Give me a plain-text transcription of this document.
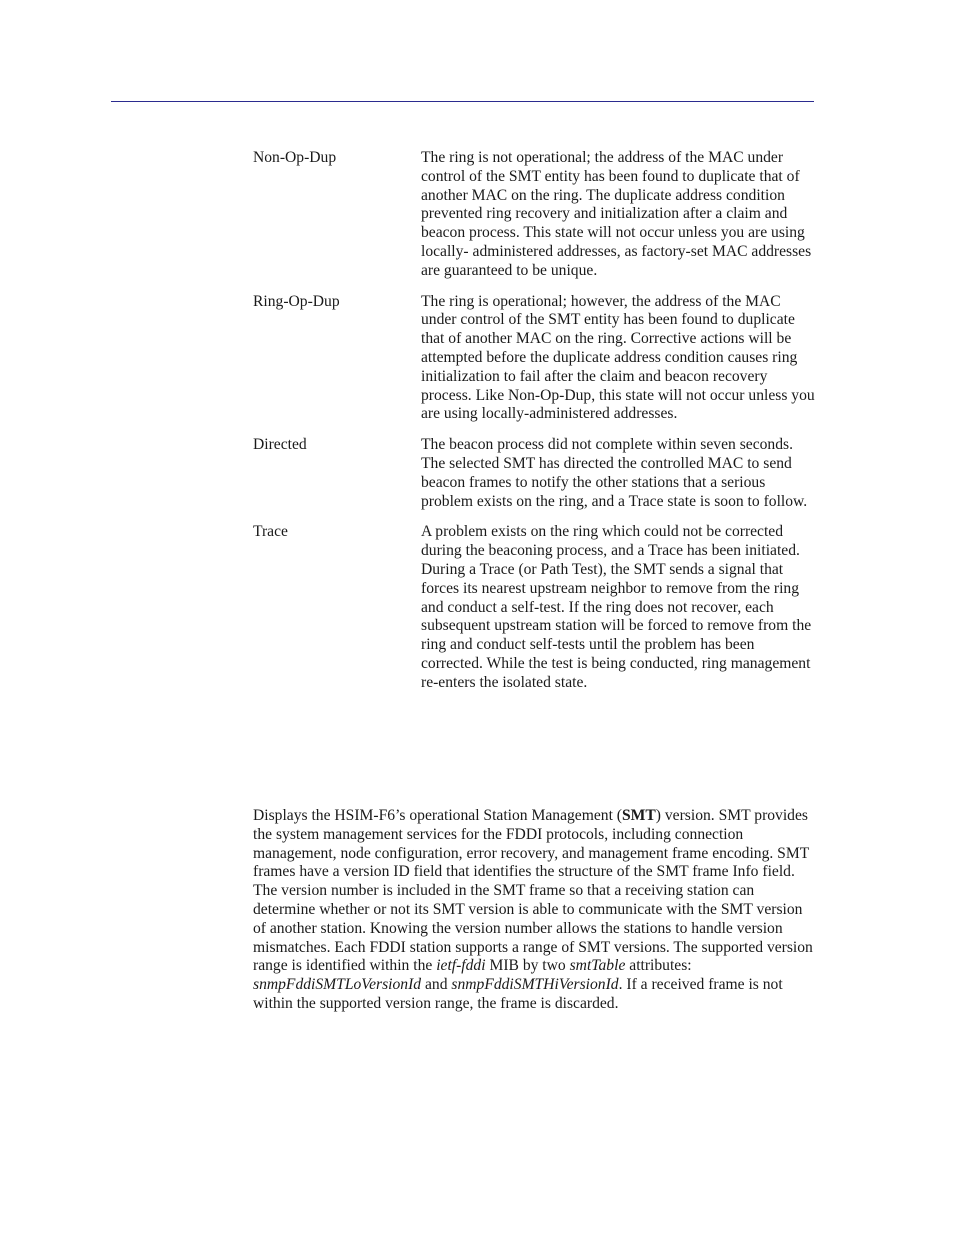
Non-Op-Dup	The ring is not operational; the address of the MAC under control of the SMT entity has been found to duplicate that of another MAC on the ring. The duplicate address condition prevented ring recovery and initialization after a claim and beacon process. This state will not occur unless you are using locally- administered addresses, as factory-set MAC addresses are guaranteed to be unique.
Ring-Op-Dup	The ring is operational; however, the address of the MAC under control of the SMT entity has been found to duplicate that of another MAC on the ring. Corrective actions will be attempted before the duplicate address condition causes ring initialization to fail after the claim and beacon recovery process. Like Non-Op-Dup, this state will not occur unless you are using locally-administered addresses.
Directed	The beacon process did not complete within seven seconds. The selected SMT has directed the controlled MAC to send beacon frames to notify the other stations that a serious problem exists on the ring, and a Trace state is soon to follow.
Trace	A problem exists on the ring which could not be corrected during the beaconing process, and a Trace has been initiated. During a Trace (or Path Test), the SMT sends a signal that forces its nearest upstream neighbor to remove from the ring and conduct a self-test. If the ring does not recover, each subsequent upstream station will be forced to remove from the ring and conduct self-tests until the problem has been corrected. While the test is being conducted, ring management re-enters the isolated state.
Displays the HSIM-F6’s operational Station Management (SMT) version. SMT provides the system management services for the FDDI protocols, including connection management, node configuration, error recovery, and management frame encoding. SMT frames have a version ID field that identifies the structure of the SMT frame Info field. The version number is included in the SMT frame so that a receiving station can determine whether or not its SMT version is able to communicate with the SMT version of another station. Knowing the version number allows the stations to handle version mismatches. Each FDDI station supports a range of SMT versions. The supported version range is identified within the ietf-fddi MIB by two smtTable attributes: snmpFddiSMTLoVersionId and snmpFddiSMTHiVersionId. If a received frame is not within the supported version range, the frame is discarded.
